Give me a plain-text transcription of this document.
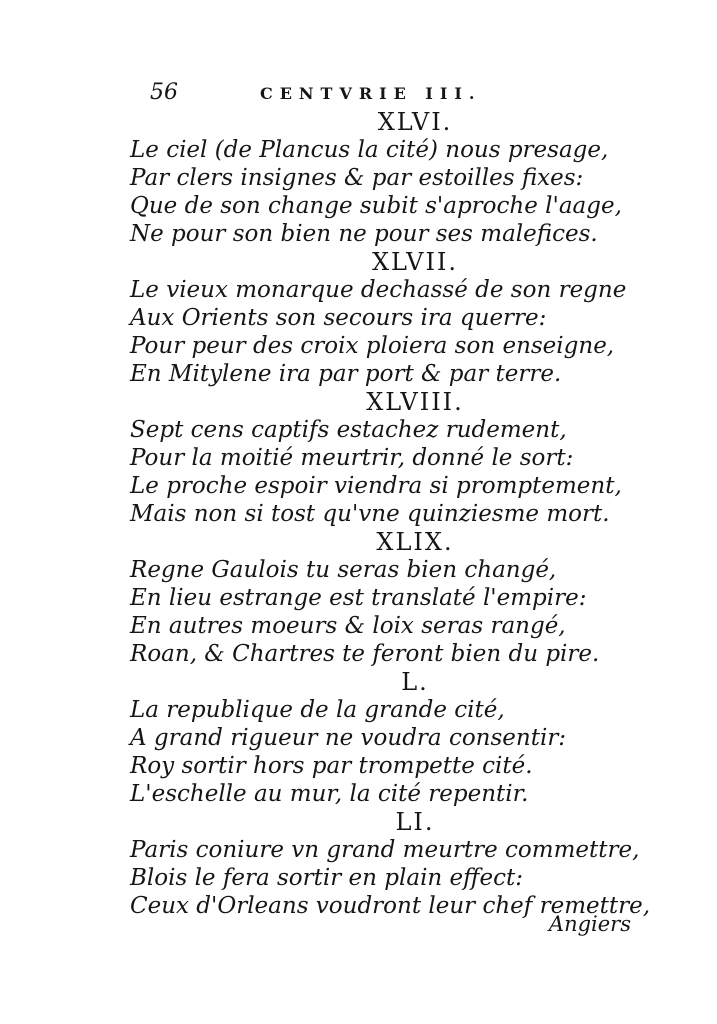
56	CENTVRIE III.
XLVI.
Le ciel (de Plancus la cité) nous presage,
Par clers insignes & par estoilles fixes:
Que de son change subit s'aproche l'aage,
Ne pour son bien ne pour ses malefices.
XLVII.
Le vieux monarque dechassé de son regne
Aux Orients son secours ira querre:
Pour peur des croix ploiera son enseigne,
En Mitylene ira par port & par terre.
XLVIII.
Sept cens captifs estachez rudement,
Pour la moitié meurtrir, donné le sort:
Le proche espoir viendra si promptement,
Mais non si tost qu'vne quinziesme mort.
XLIX.
Regne Gaulois tu seras bien changé,
En lieu estrange est translaté l'empire:
En autres moeurs & loix seras rangé,
Roan, & Chartres te feront bien du pire.
L.
La republique de la grande cité,
A grand rigueur ne voudra consentir:
Roy sortir hors par trompette cité.
L'eschelle au mur, la cité repentir.
LI.
Paris coniure vn grand meurtre commettre,
Blois le fera sortir en plain effect:
Ceux d'Orleans voudront leur chef remettre,
Angiers
